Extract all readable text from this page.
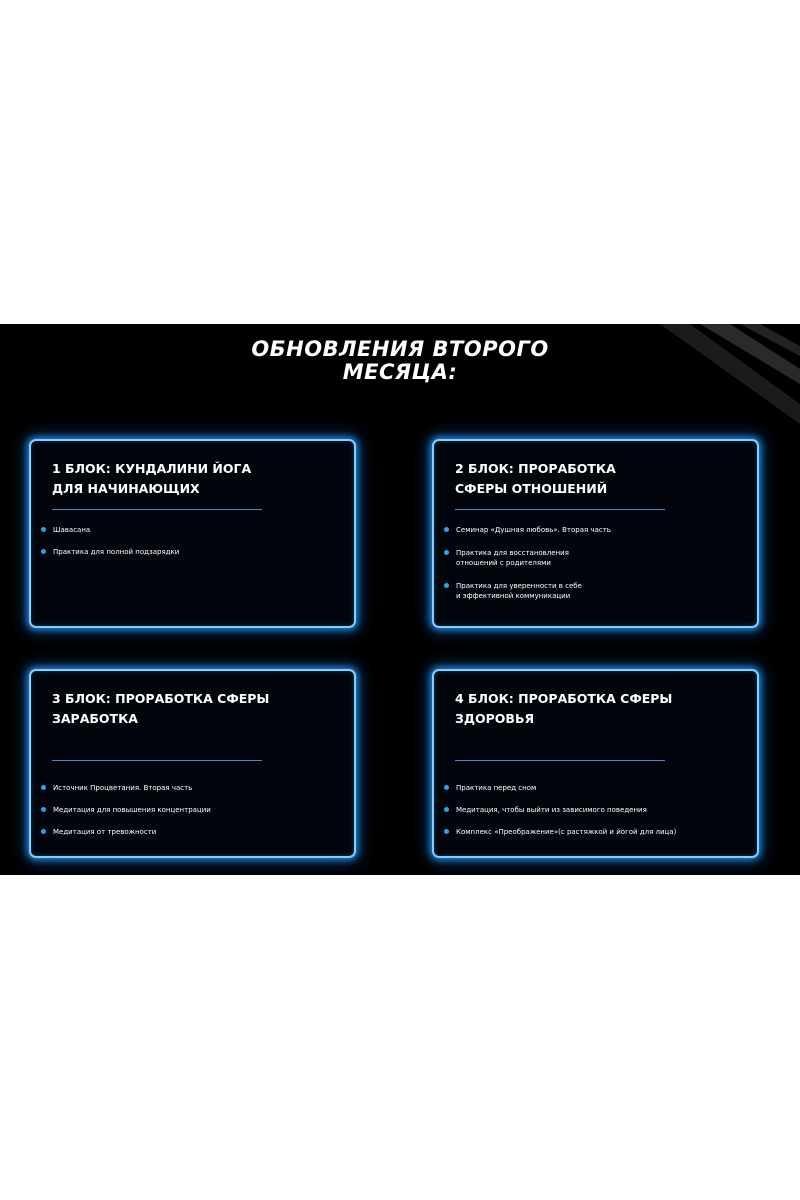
ОБНОВЛЕНИЯ ВТОРОГО
МЕСЯЦА:
1 БЛОК: КУНДАЛИНИ ЙОГА
ДЛЯ НАЧИНАЮЩИХ
Шавасана
Практика для полной подзарядки
2 БЛОК: ПРОРАБОТКА
СФЕРЫ ОТНОШЕНИЙ
Семинар «Душная любовь». Вторая часть
Практика для восстановления
отношений с родителями
Практика для уверенности в себе
и эффективной коммуникации
3 БЛОК: ПРОРАБОТКА СФЕРЫ
ЗАРАБОТКА
Источник Процветания. Вторая часть
Медитация для повышения концентрации
Медитация от тревожности
4 БЛОК: ПРОРАБОТКА СФЕРЫ
ЗДОРОВЬЯ
Практика перед сном
Медитация, чтобы выйти из зависимого поведения
Комплекс «Преображение»(с растяжкой и йогой для лица)
